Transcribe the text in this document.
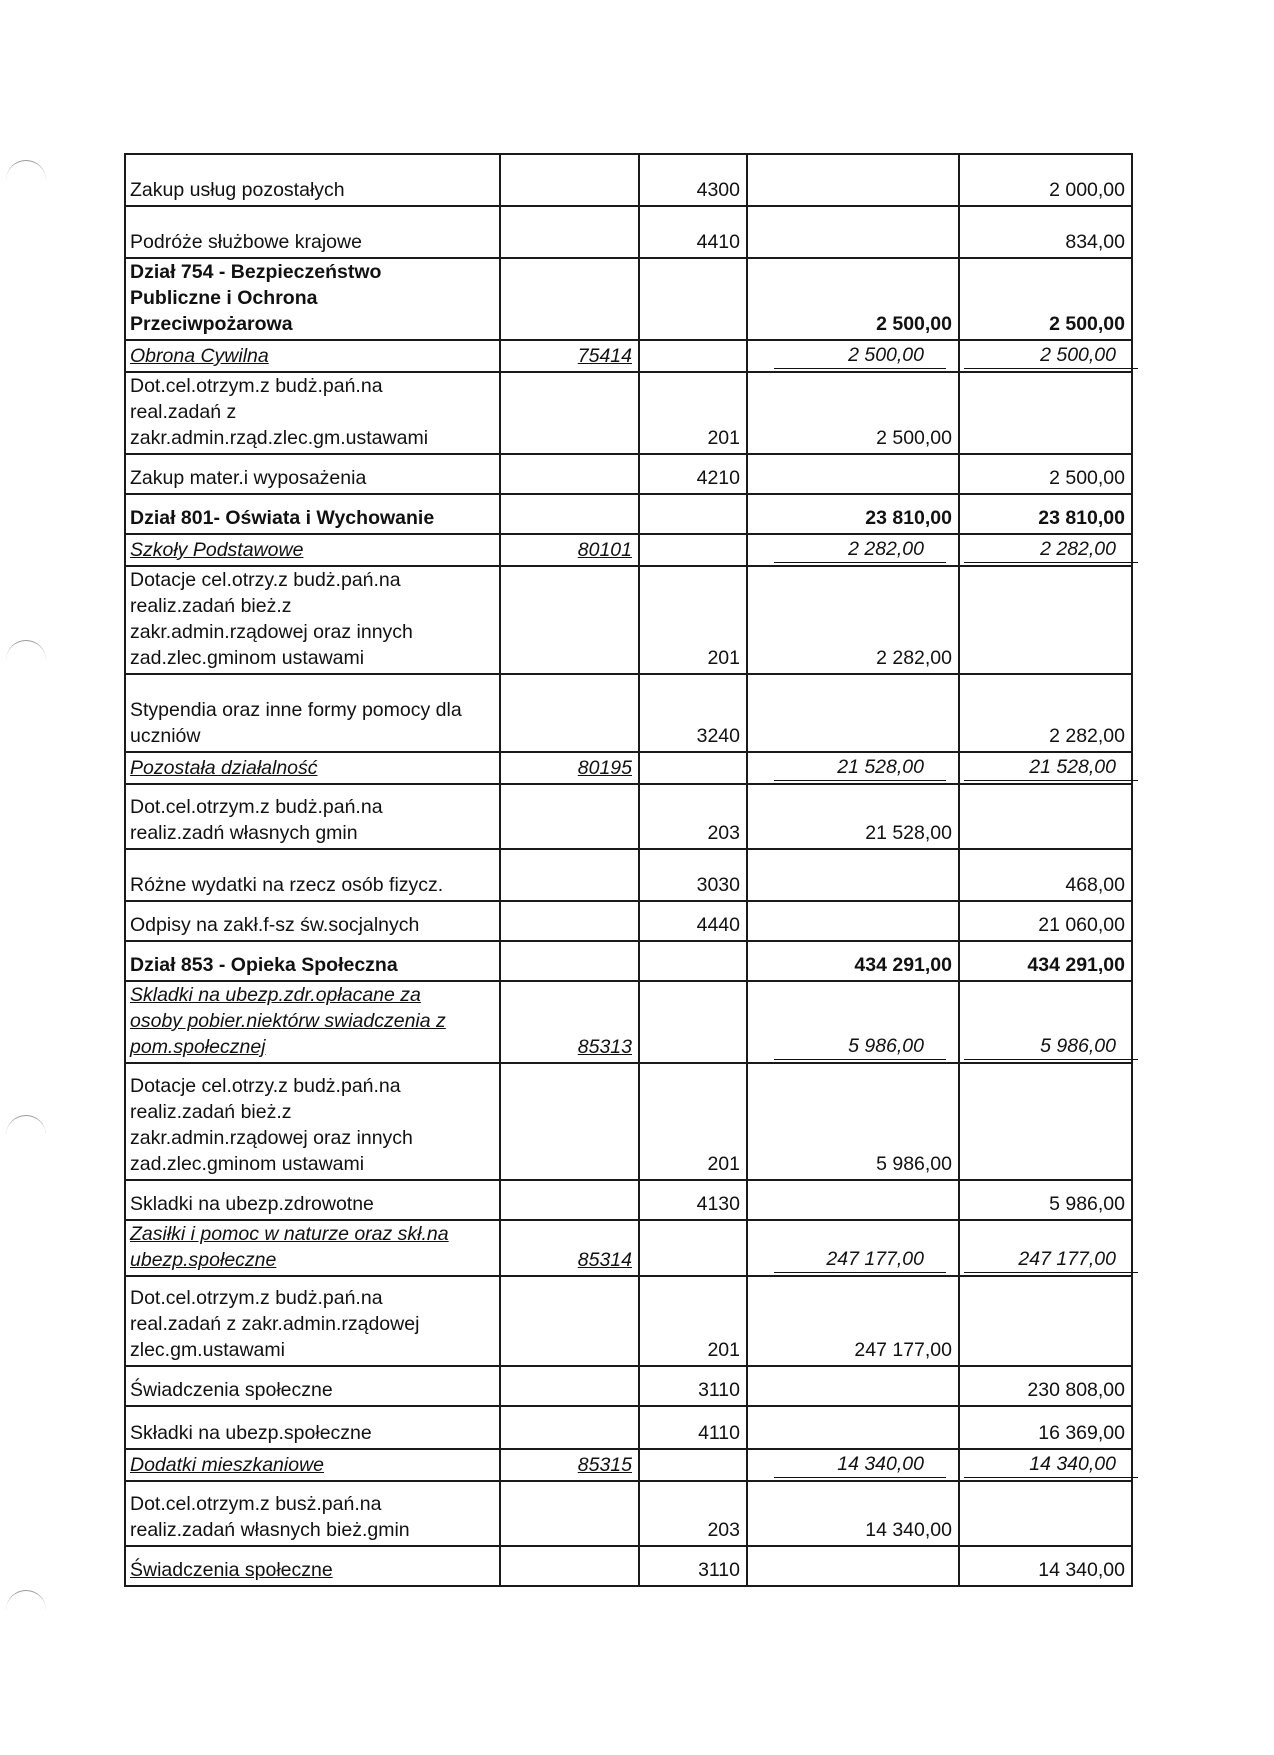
Zakup usług pozostałych		4300		2 000,00
Podróże służbowe krajowe		4410		834,00
Dział 754 - Bezpieczeństwo
Publiczne i Ochrona
Przeciwpożarowa			2 500,00	2 500,00
Obrona Cywilna	75414		2 500,00	2 500,00
Dot.cel.otrzym.z budż.pań.na
real.zadań z
zakr.admin.rząd.zlec.gm.ustawami		201	2 500,00	
Zakup mater.i wyposażenia		4210		2 500,00
Dział 801- Oświata i Wychowanie			23 810,00	23 810,00
Szkoły Podstawowe	80101		2 282,00	2 282,00
Dotacje cel.otrzy.z budż.pań.na
realiz.zadań bież.z
zakr.admin.rządowej oraz innych
zad.zlec.gminom ustawami		201	2 282,00	
Stypendia oraz inne formy pomocy dla
uczniów		3240		2 282,00
Pozostała działalność	80195		21 528,00	21 528,00
Dot.cel.otrzym.z budż.pań.na
realiz.zadń własnych gmin		203	21 528,00	
Różne wydatki na rzecz osób fizycz.		3030		468,00
Odpisy na zakł.f-sz św.socjalnych		4440		21 060,00
Dział 853 - Opieka Społeczna			434 291,00	434 291,00
Skladki na ubezp.zdr.opłacane za
osoby pobier.niektórw swiadczenia z
pom.społecznej	85313		5 986,00	5 986,00
Dotacje cel.otrzy.z budż.pań.na
realiz.zadań bież.z
zakr.admin.rządowej oraz innych
zad.zlec.gminom ustawami		201	5 986,00	
Skladki na ubezp.zdrowotne		4130		5 986,00
Zasiłki i pomoc w naturze oraz skł.na
ubezp.społeczne	85314		247 177,00	247 177,00
Dot.cel.otrzym.z budż.pań.na
real.zadań z zakr.admin.rządowej
zlec.gm.ustawami		201	247 177,00	
Świadczenia społeczne		3110		230 808,00
Składki na ubezp.społeczne		4110		16 369,00
Dodatki mieszkaniowe	85315		14 340,00	14 340,00
Dot.cel.otrzym.z busż.pań.na
realiz.zadań własnych bież.gmin		203	14 340,00	
Świadczenia społeczne		3110		14 340,00
